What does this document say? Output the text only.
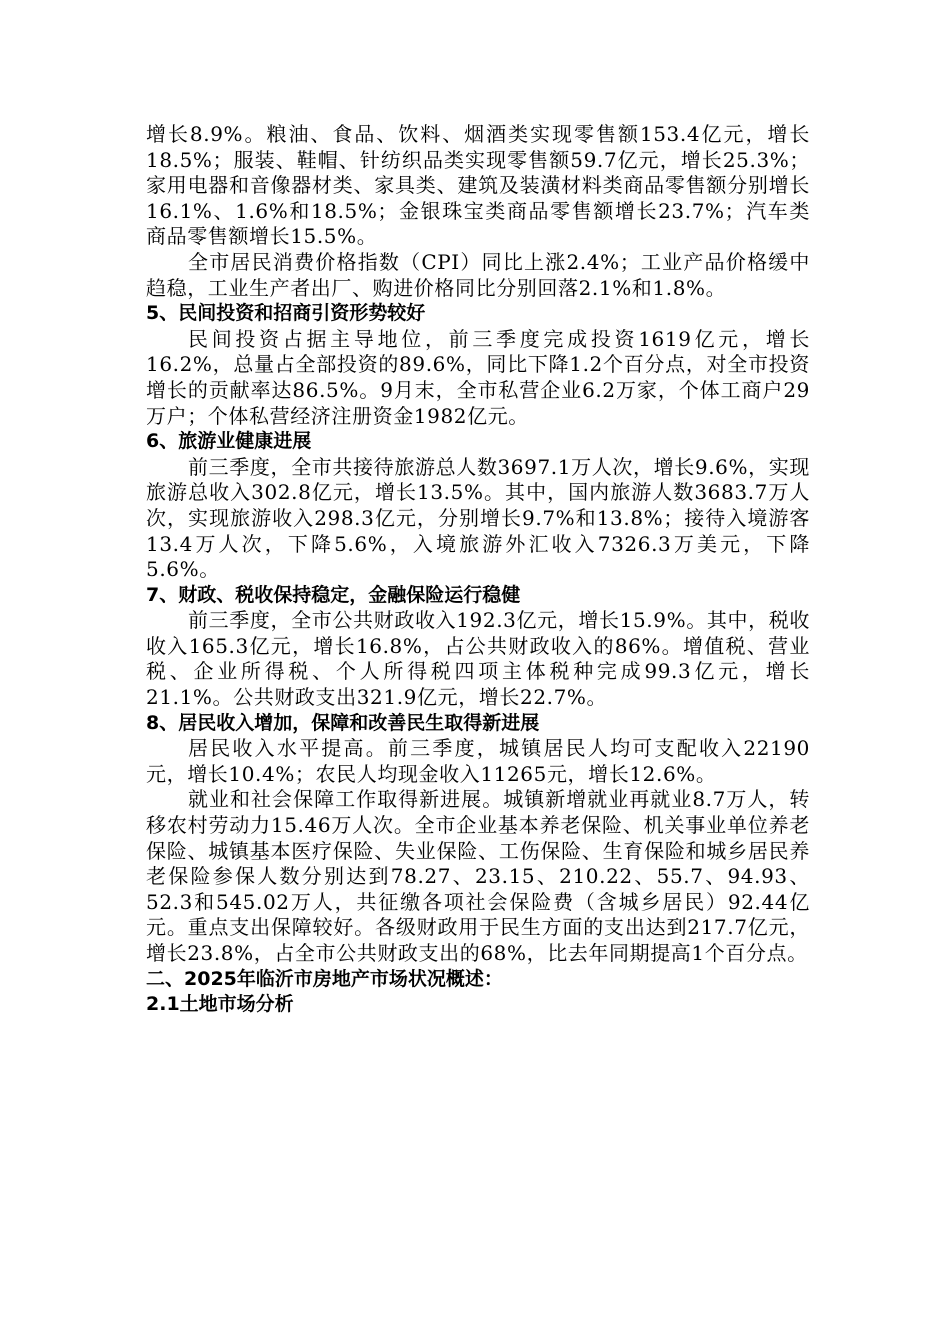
增长8.9%。粮油、食品、饮料、烟酒类实现零售额153.4亿元，增长18.5%；服装、鞋帽、针纺织品类实现零售额59.7亿元，增长25.3%；家用电器和音像器材类、家具类、建筑及装潢材料类商品零售额分别增长16.1%、1.6%和18.5%；金银珠宝类商品零售额增长23.7%；汽车类商品零售额增长15.5%。

全市居民消费价格指数（CPI）同比上涨2.4%；工业产品价格缓中趋稳，工业生产者出厂、购进价格同比分别回落2.1%和1.8%。

5、民间投资和招商引资形势较好

民间投资占据主导地位，前三季度完成投资1619亿元，增长16.2%，总量占全部投资的89.6%，同比下降1.2个百分点，对全市投资增长的贡献率达86.5%。9月末，全市私营企业6.2万家，个体工商户29万户；个体私营经济注册资金1982亿元。

6、旅游业健康进展

前三季度，全市共接待旅游总人数3697.1万人次，增长9.6%，实现旅游总收入302.8亿元，增长13.5%。其中，国内旅游人数3683.7万人次，实现旅游收入298.3亿元，分别增长9.7%和13.8%；接待入境游客13.4万人次，下降5.6%，入境旅游外汇收入7326.3万美元，下降5.6%。

7、财政、税收保持稳定，金融保险运行稳健

前三季度，全市公共财政收入192.3亿元，增长15.9%。其中，税收收入165.3亿元，增长16.8%，占公共财政收入的86%。增值税、营业税、企业所得税、个人所得税四项主体税种完成99.3亿元，增长21.1%。公共财政支出321.9亿元，增长22.7%。

8、居民收入增加，保障和改善民生取得新进展

居民收入水平提高。前三季度，城镇居民人均可支配收入22190元，增长10.4%；农民人均现金收入11265元，增长12.6%。

就业和社会保障工作取得新进展。城镇新增就业再就业8.7万人，转移农村劳动力15.46万人次。全市企业基本养老保险、机关事业单位养老保险、城镇基本医疗保险、失业保险、工伤保险、生育保险和城乡居民养老保险参保人数分别达到78.27、23.15、210.22、55.7、94.93、52.3和545.02万人，共征缴各项社会保险费（含城乡居民）92.44亿元。重点支出保障较好。各级财政用于民生方面的支出达到217.7亿元，增长23.8%，占全市公共财政支出的68%，比去年同期提高1个百分点。

二、2025年临沂市房地产市场状况概述：
2.1土地市场分析
